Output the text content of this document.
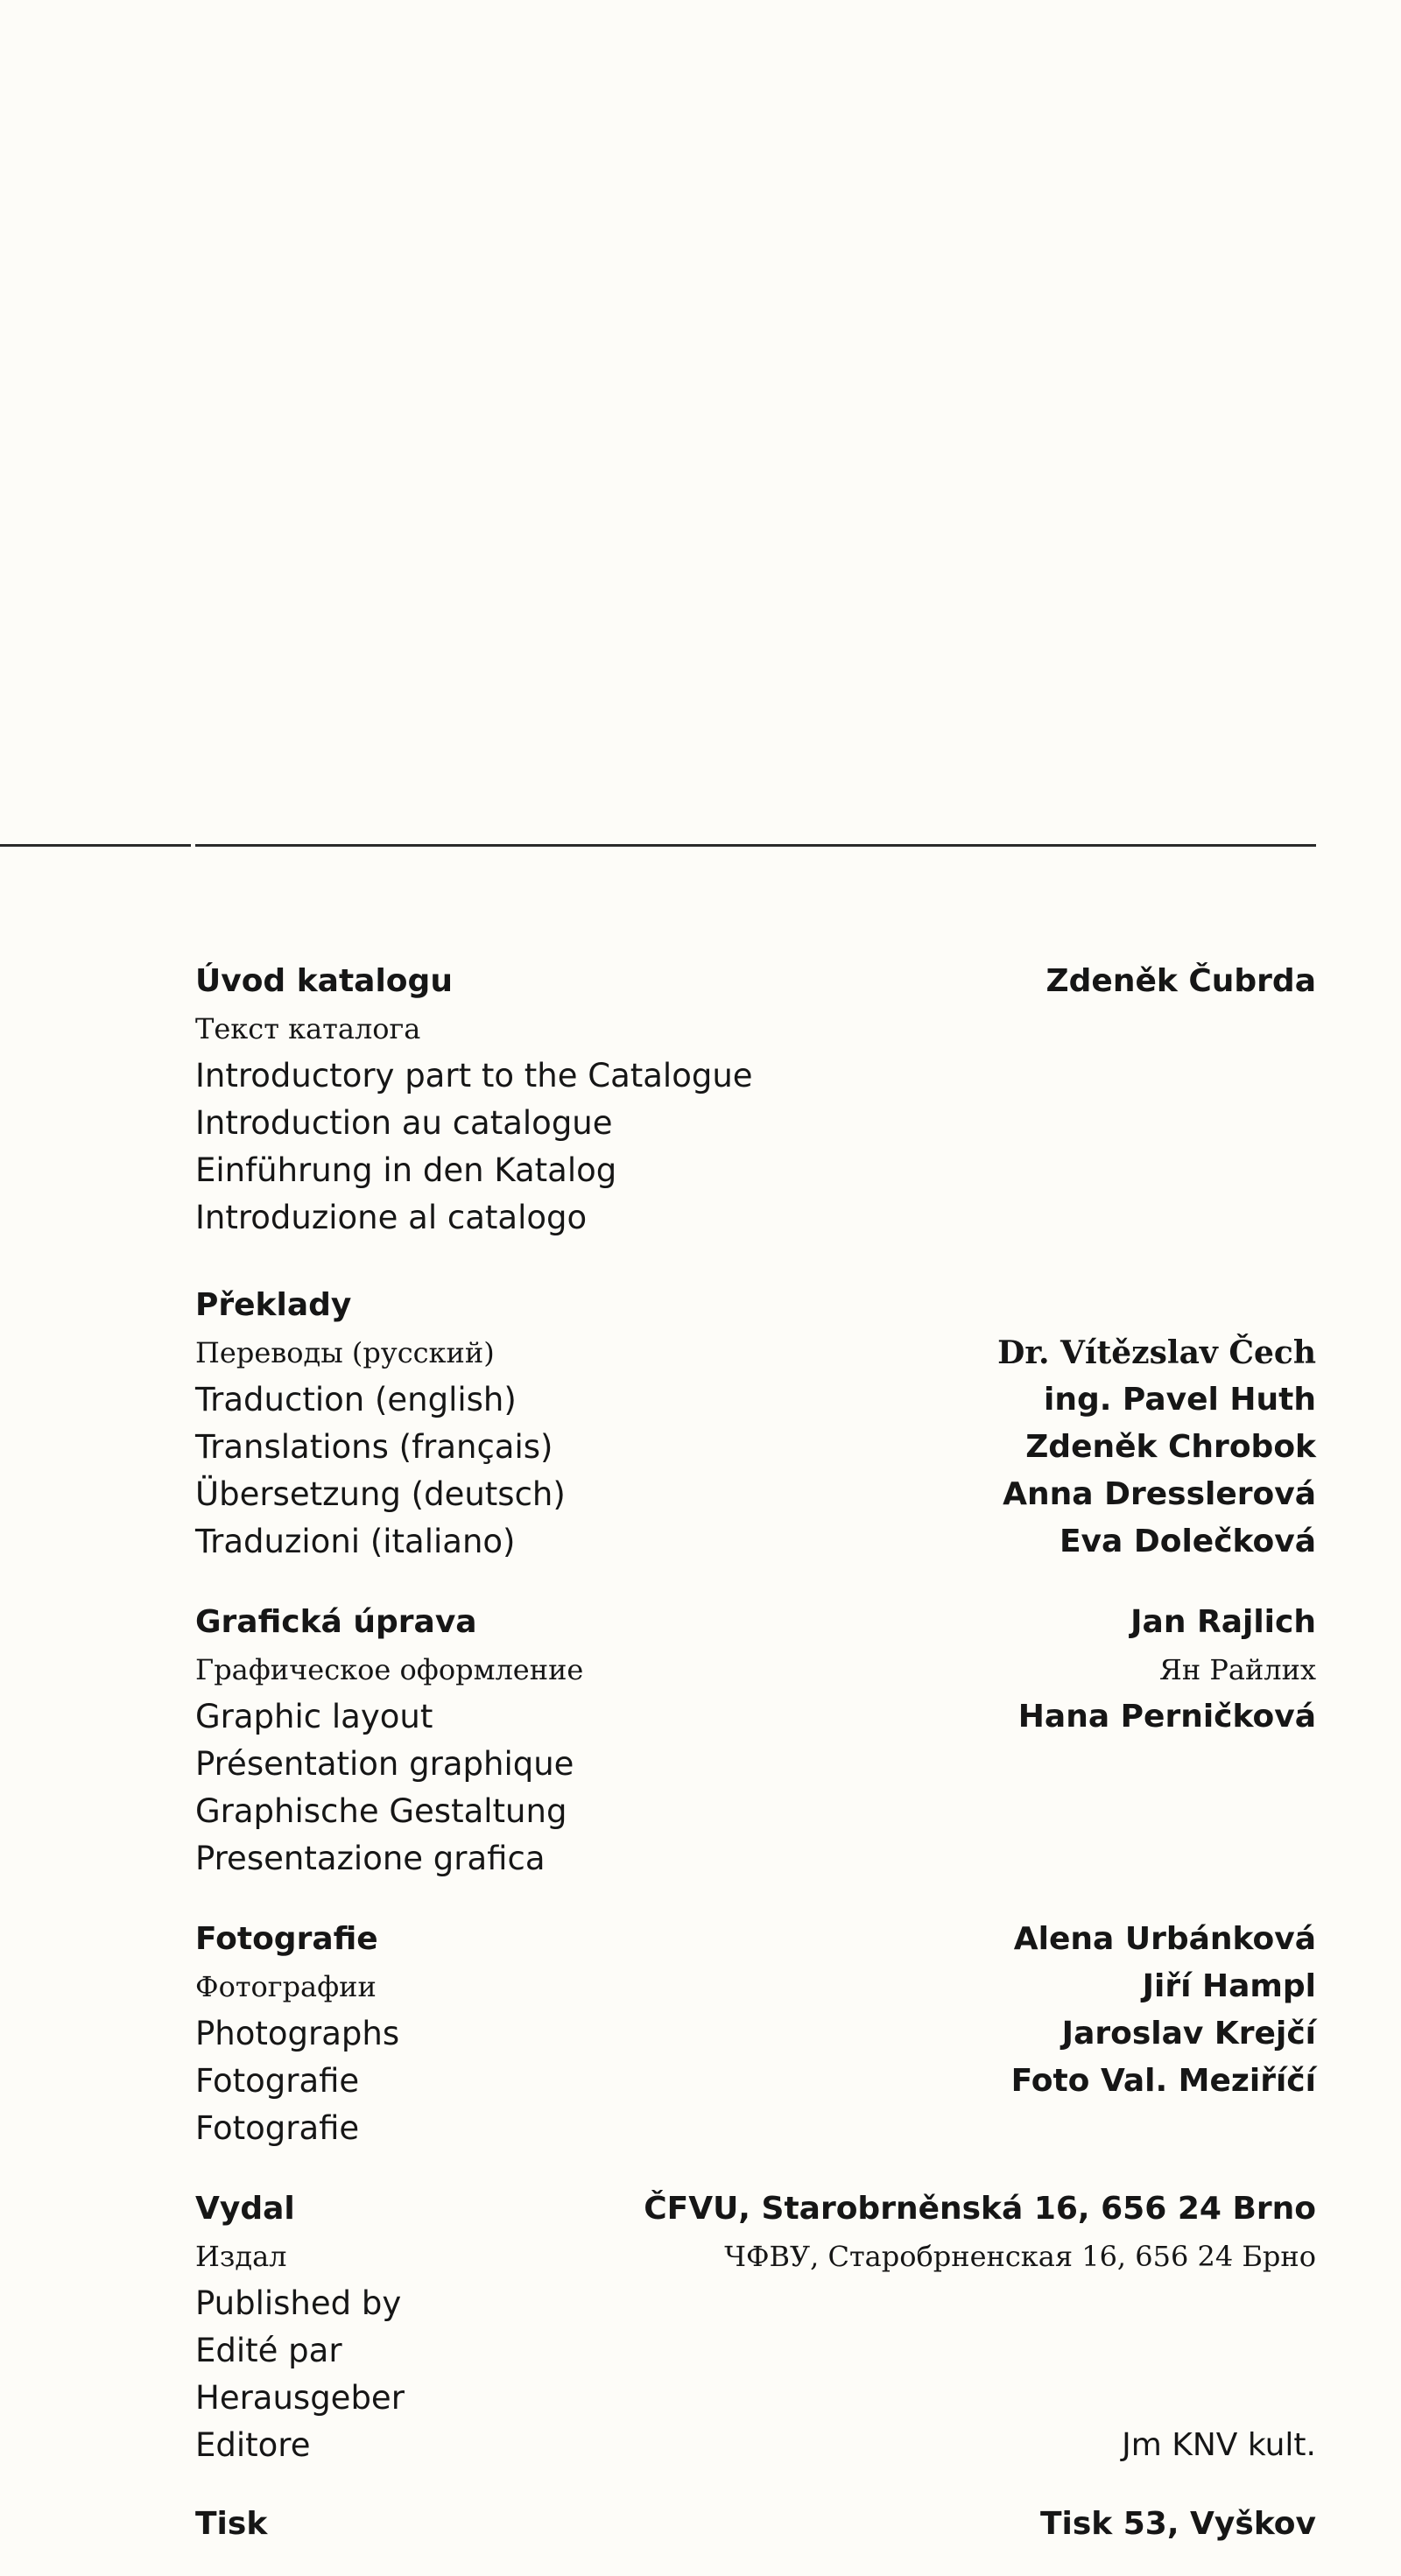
Úvod katalogu	Zdeněk Čubrda
Текст каталога
Introductory part to the Catalogue
Introduction au catalogue
Einführung in den Katalog
Introduzione al catalogo
Překlady
Переводы (русский)	Dr. Vítězslav Čech
Traduction (english)	ing. Pavel Huth
Translations (français)	Zdeněk Chrobok
Übersetzung (deutsch)	Anna Dresslerová
Traduzioni (italiano)	Eva Dolečková
Grafická úprava	Jan Rajlich
Графическое оформление	Ян Райлих
Graphic layout	Hana Perničková
Présentation graphique
Graphische Gestaltung
Presentazione grafica
Fotografie	Alena Urbánková
Фотографии	Jiří Hampl
Photographs	Jaroslav Krejčí
Fotografie	Foto Val. Meziříčí
Fotografie
Vydal	ČFVU, Starobrněnská 16, 656 24 Brno
Издал	ЧФВУ, Старобрненская 16, 656 24 Брно
Published by
Edité par
Herausgeber
Editore	Jm KNV kult.
Tisk	Tisk 53, Vyškov
